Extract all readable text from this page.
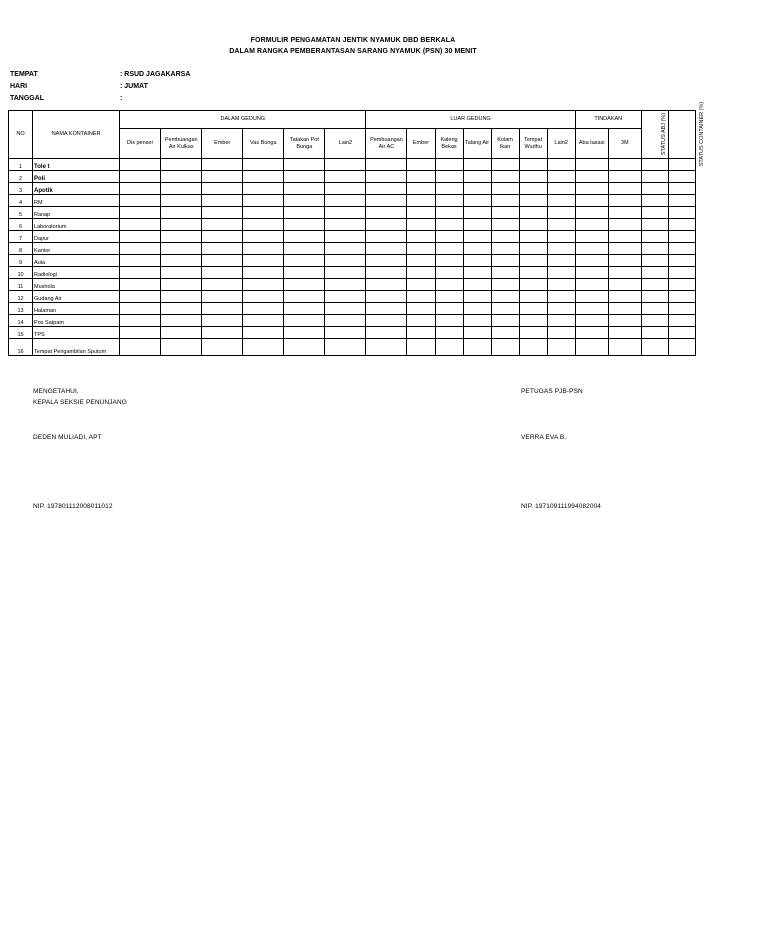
FORMULIR PENGAMATAN JENTIK NYAMUK DBD BERKALA
DALAM RANGKA PEMBERANTASAN SARANG NYAMUK (PSN) 30 MENIT
TEMPAT	: RSUD JAGAKARSA
HARI	: JUMAT
TANGGAL	:
NO	NAMA KONTAINER	DALAM GEDUNG						LUAR GEDUNG							TINDAKAN		STATUS ABJ (%)	STATUS CONTAINER (%)
		Dis penser	Pembuangan Air Kulkas	Ember	Vas Bunga	Tatakan Pot Bunga	Lain2	Pembuangan Air AC	Ember	Kaleng Bekas	Talang Air	Kolam Ikan	Tempat Wudhu	Lain2	Aba tasasi	3M		
1	Tole t																	
2	Poli																	
3	Apotik																	
4	RM																	
5	Ranap																	
6	Laboratorium																	
7	Dapur																	
8	Kantor																	
9	Aula																	
10	Radiologi																	
11	Mushola																	
12	Gudang Air																	
13	Halaman																	
14	Pos Satpam																	
15	TPS																	
16	Tempat Pengambilan Sputum																	
MENGETAHUI,
KEPALA SEKSIE PENUNJANG
PETUGAS PJB-PSN
DEDEN MULIADI, APT	VERRA EVA B.
NIP. 197801112008011012	NIP. 197109111994082004
